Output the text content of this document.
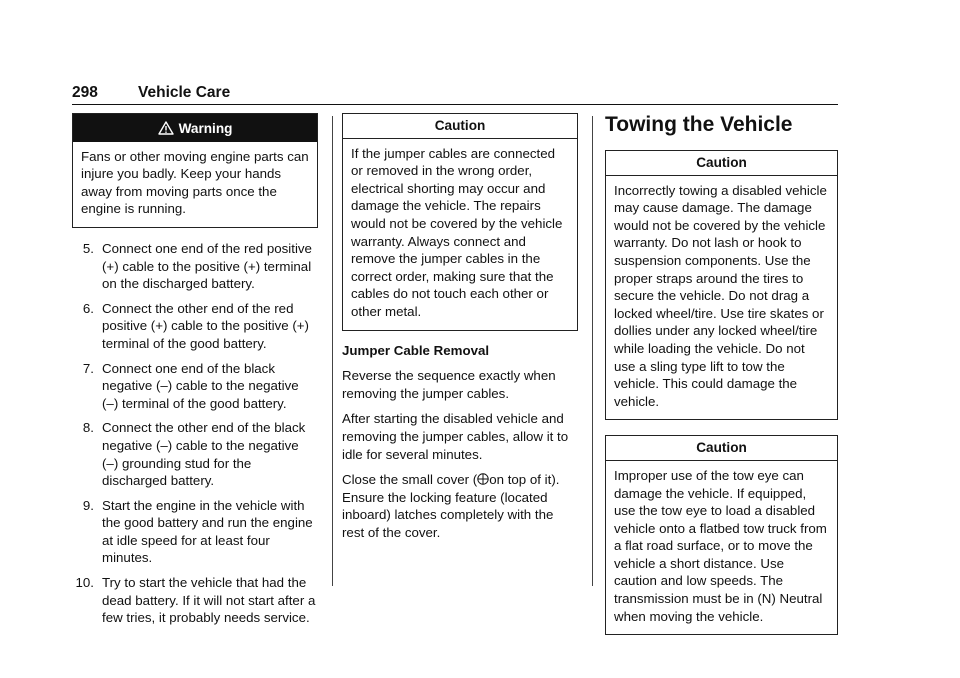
298	Vehicle Care
Warning
Fans or other moving engine parts can injure you badly. Keep your hands away from moving parts once the engine is running.
5. Connect one end of the red positive (+) cable to the positive (+) terminal on the discharged battery.
6. Connect the other end of the red positive (+) cable to the positive (+) terminal of the good battery.
7. Connect one end of the black negative (–) cable to the negative (–) terminal of the good battery.
8. Connect the other end of the black negative (–) cable to the negative (–) grounding stud for the discharged battery.
9. Start the engine in the vehicle with the good battery and run the engine at idle speed for at least four minutes.
10. Try to start the vehicle that had the dead battery. If it will not start after a few tries, it probably needs service.
Caution
If the jumper cables are connected or removed in the wrong order, electrical shorting may occur and damage the vehicle. The repairs would not be covered by the vehicle warranty. Always connect and remove the jumper cables in the correct order, making sure that the cables do not touch each other or other metal.
Jumper Cable Removal

Reverse the sequence exactly when removing the jumper cables.

After starting the disabled vehicle and removing the jumper cables, allow it to idle for several minutes.

Close the small cover ( on top of it). Ensure the locking feature (located inboard) latches completely with the rest of the cover.

Towing the Vehicle
Caution
Incorrectly towing a disabled vehicle may cause damage. The damage would not be covered by the vehicle warranty. Do not lash or hook to suspension components. Use the proper straps around the tires to secure the vehicle. Do not drag a locked wheel/tire. Use tire skates or dollies under any locked wheel/tire while loading the vehicle. Do not use a sling type lift to tow the vehicle. This could damage the vehicle.
Caution
Improper use of the tow eye can damage the vehicle. If equipped, use the tow eye to load a disabled vehicle onto a flatbed tow truck from a flat road surface, or to move the vehicle a short distance. Use caution and low speeds. The transmission must be in (N) Neutral when moving the vehicle.
